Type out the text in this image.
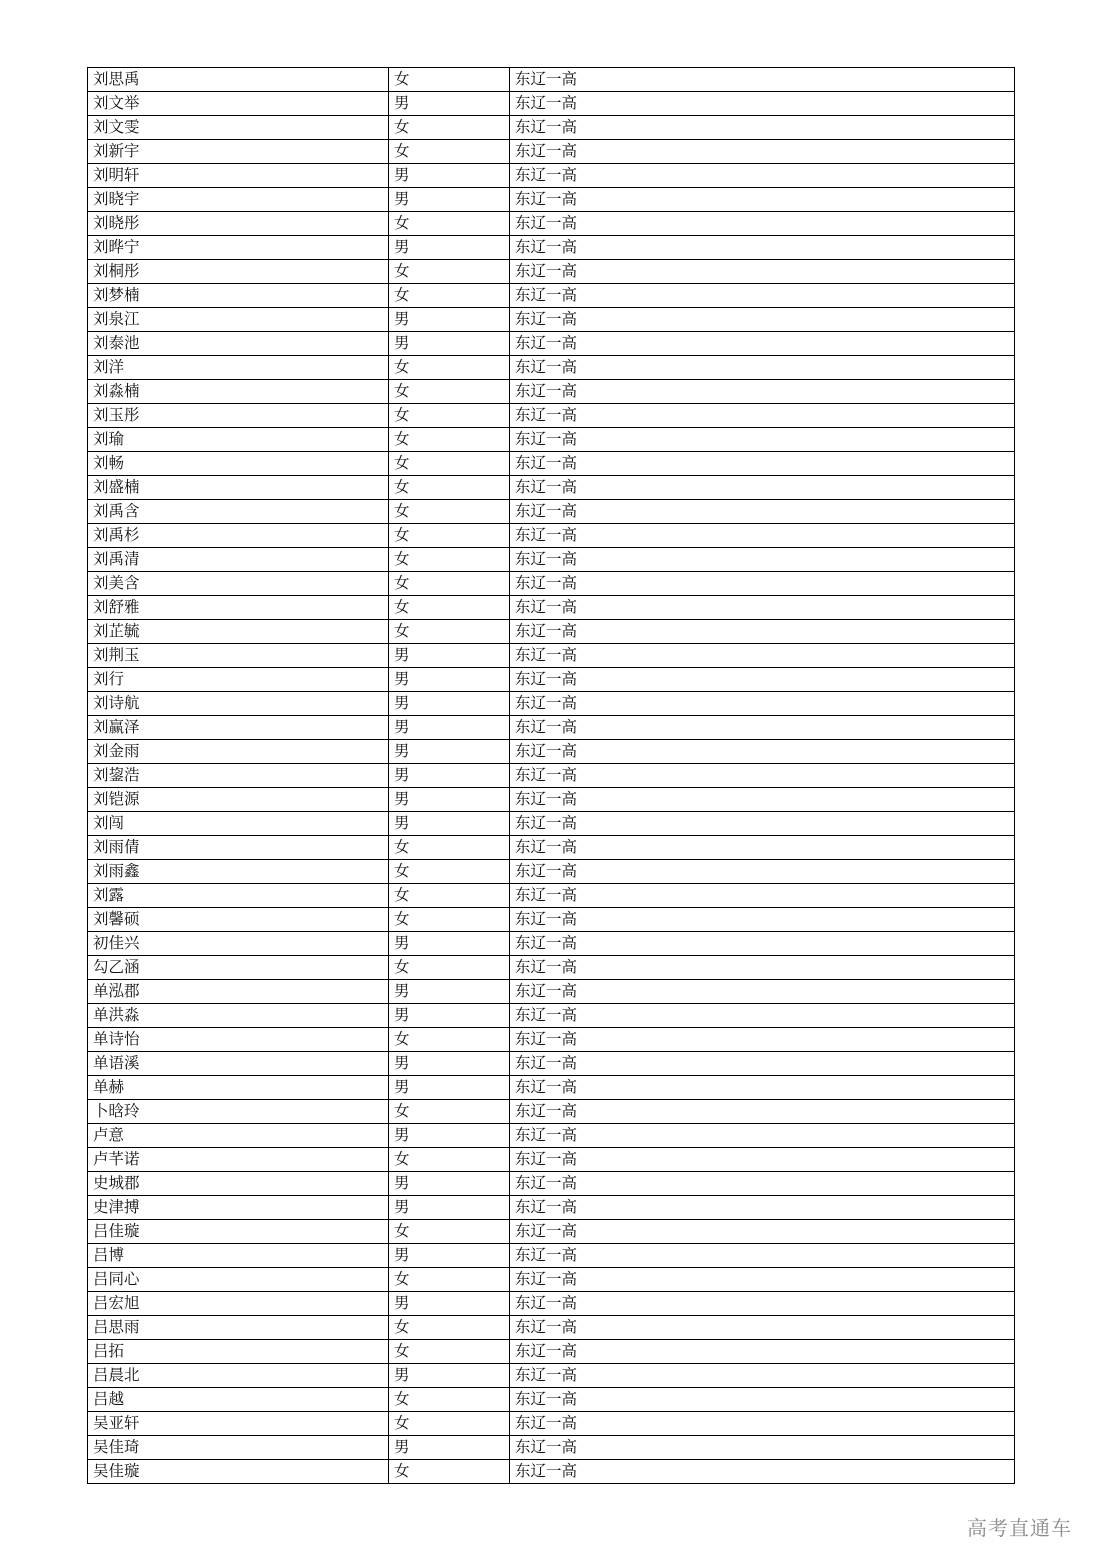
刘思禹	女	东辽一高
刘文举	男	东辽一高
刘文雯	女	东辽一高
刘新宇	女	东辽一高
刘明轩	男	东辽一高
刘晓宇	男	东辽一高
刘晓彤	女	东辽一高
刘晔宁	男	东辽一高
刘桐彤	女	东辽一高
刘梦楠	女	东辽一高
刘泉江	男	东辽一高
刘泰池	男	东辽一高
刘洋	女	东辽一高
刘淼楠	女	东辽一高
刘玉彤	女	东辽一高
刘瑜	女	东辽一高
刘畅	女	东辽一高
刘盛楠	女	东辽一高
刘禹含	女	东辽一高
刘禹杉	女	东辽一高
刘禹清	女	东辽一高
刘美含	女	东辽一高
刘舒雅	女	东辽一高
刘芷毓	女	东辽一高
刘荆玉	男	东辽一高
刘行	男	东辽一高
刘诗航	男	东辽一高
刘赢泽	男	东辽一高
刘金雨	男	东辽一高
刘鋆浩	男	东辽一高
刘铠源	男	东辽一高
刘闯	男	东辽一高
刘雨倩	女	东辽一高
刘雨鑫	女	东辽一高
刘露	女	东辽一高
刘馨硕	女	东辽一高
初佳兴	男	东辽一高
勾乙涵	女	东辽一高
单泓郡	男	东辽一高
单洪淼	男	东辽一高
单诗怡	女	东辽一高
单语溪	男	东辽一高
单赫	男	东辽一高
卜晗玲	女	东辽一高
卢意	男	东辽一高
卢芊诺	女	东辽一高
史城郡	男	东辽一高
史津搏	男	东辽一高
吕佳璇	女	东辽一高
吕博	男	东辽一高
吕同心	女	东辽一高
吕宏旭	男	东辽一高
吕思雨	女	东辽一高
吕拓	女	东辽一高
吕晨北	男	东辽一高
吕越	女	东辽一高
吴亚轩	女	东辽一高
吴佳琦	男	东辽一高
吴佳璇	女	东辽一高
高考直通车
